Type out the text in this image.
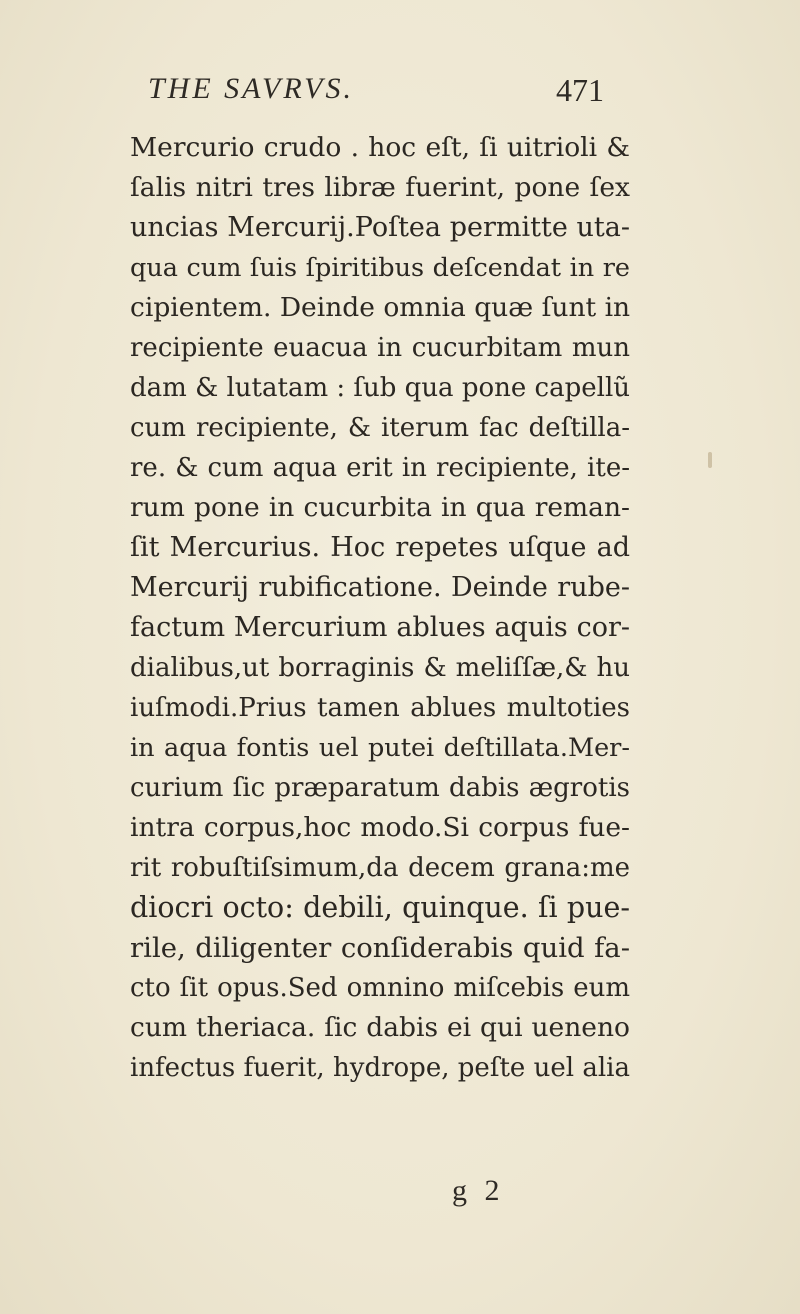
THE SAVRVS.	471
Mercurio crudo . hoc eſt, ſi uitrioli &
ſalis nitri tres libræ fuerint, pone ſex
uncias Mercurij.Poſtea permitte uta-
qua cum ſuis ſpiritibus deſcendat in re
cipientem. Deinde omnia quæ ſunt in
recipiente euacua in cucurbitam mun
dam & lutatam : ſub qua pone capellũ
cum recipiente, & iterum fac deſtilla-
re. & cum aqua erit in recipiente, ite-
rum pone in cucurbita in qua reman-
ſit Mercurius. Hoc repetes uſque ad
Mercurij rubificatione. Deinde rube-
factum Mercurium ablues aquis cor-
dialibus,ut borraginis & meliſſæ,& hu
iuſmodi.Prius tamen ablues multoties
in aqua fontis uel putei deſtillata.Mer-
curium ſic præparatum dabis ægrotis
intra corpus,hoc modo.Si corpus fue-
rit robuſtiſsimum,da decem grana:me
diocri octo: debili, quinque. ſi pue-
rile, diligenter conſiderabis quid fa-
cto ſit opus.Sed omnino miſcebis eum
cum theriaca. ſic dabis ei qui ueneno
infectus fuerit, hydrope, peſte uel alia
g 2
